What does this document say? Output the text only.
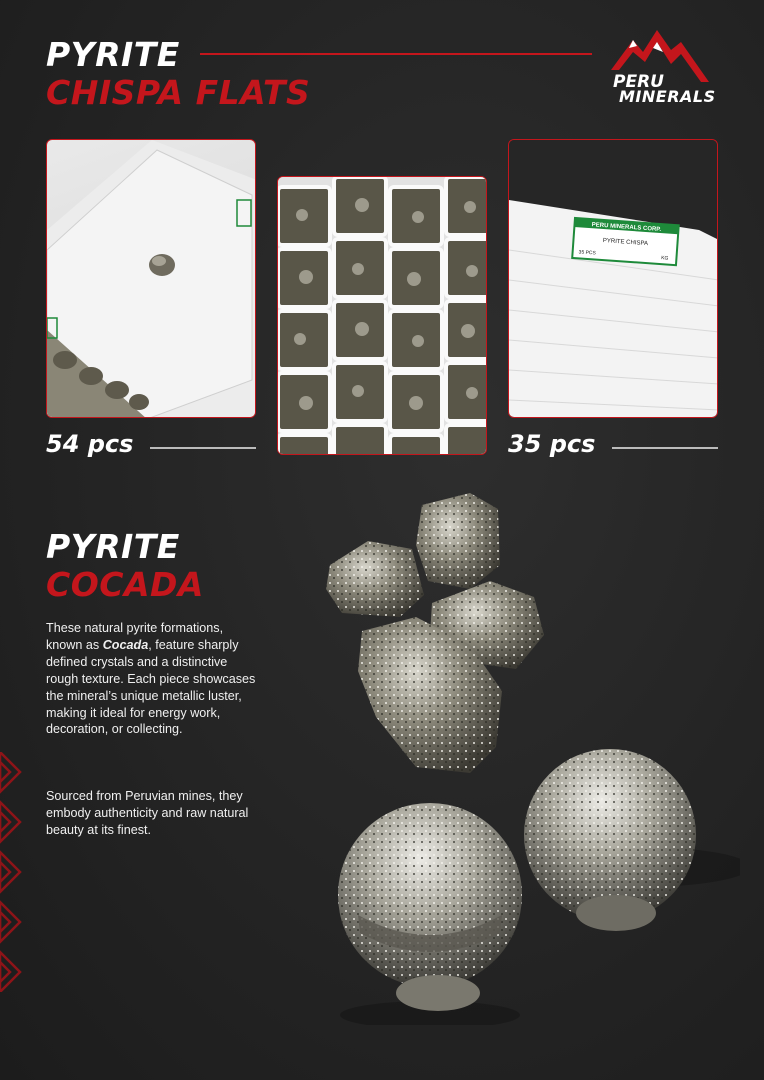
PYRITE
CHISPA FLATS	PERU
MINERALS
PERU MINERALS CORP.
PYRITE CHISPA
35 PCS
KG
54 pcs	35 pcs
PYRITE
COCADA

These natural pyrite formations, known as Cocada, feature sharply defined crystals and a distinctive rough texture. Each piece showcases the mineral’s unique metallic luster, making it ideal for energy work, decoration, or collecting.

Sourced from Peruvian mines, they embody authenticity and raw natural beauty at its finest.
